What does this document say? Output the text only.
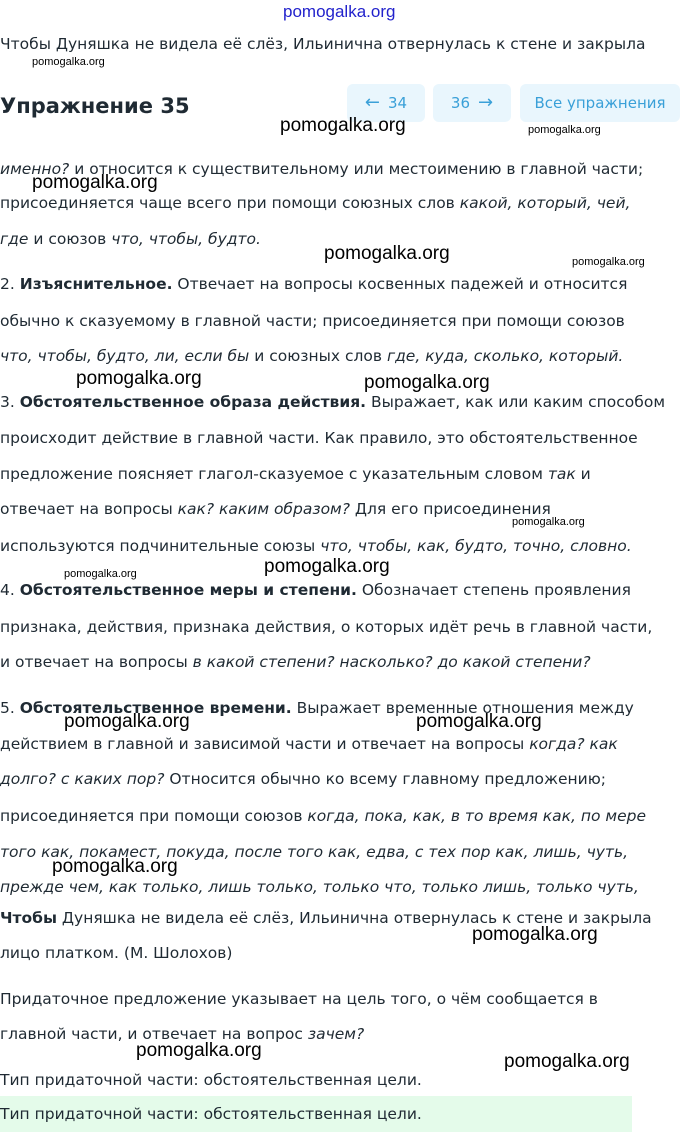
pomogalka.org
Чтобы Дуняшка не видела её слёз, Ильинична отвернулась к стене и закрыла
pomogalka.org
Упражнение 35	← 34	36 →	Все упражнения
pomogalka.org	pomogalka.org
именно? и относится к существительному или местоимению в главной части;
pomogalka.org
присоединяется чаще всего при помощи союзных слов какой, который, чей,
где и союзов что, чтобы, будто.
pomogalka.org	pomogalka.org
2. Изъяснительное. Отвечает на вопросы косвенных падежей и относится
обычно к сказуемому в главной части; присоединяется при помощи союзов
что, чтобы, будто, ли, если бы и союзных слов где, куда, сколько, который.
pomogalka.org	pomogalka.org
3. Обстоятельственное образа действия. Выражает, как или каким способом
происходит действие в главной части. Как правило, это обстоятельственное
предложение поясняет глагол-сказуемое с указательным словом так и
отвечает на вопросы как? каким образом? Для его присоединения
pomogalka.org
используются подчинительные союзы что, чтобы, как, будто, точно, словно.
pomogalka.org
pomogalka.org
4. Обстоятельственное меры и степени. Обозначает степень проявления
признака, действия, признака действия, о которых идёт речь в главной части,
и отвечает на вопросы в какой степени? насколько? до какой степени?
5. Обстоятельственное времени. Выражает временные отношения между
pomogalka.org	pomogalka.org
действием в главной и зависимой части и отвечает на вопросы когда? как
долго? с каких пор? Относится обычно ко всему главному предложению;
присоединяется при помощи союзов когда, пока, как, в то время как, по мере
того как, покамест, покуда, после того как, едва, с тех пор как, лишь, чуть,
pomogalka.org
прежде чем, как только, лишь только, только что, только лишь, только чуть,
Чтобы Дуняшка не видела её слёз, Ильинична отвернулась к стене и закрыла
pomogalka.org
лицо платком. (М. Шолохов)
Придаточное предложение указывает на цель того, о чём сообщается в
главной части, и отвечает на вопрос зачем?
pomogalka.org
pomogalka.org
Тип придаточной части: обстоятельственная цели.
Тип придаточной части: обстоятельственная цели.
